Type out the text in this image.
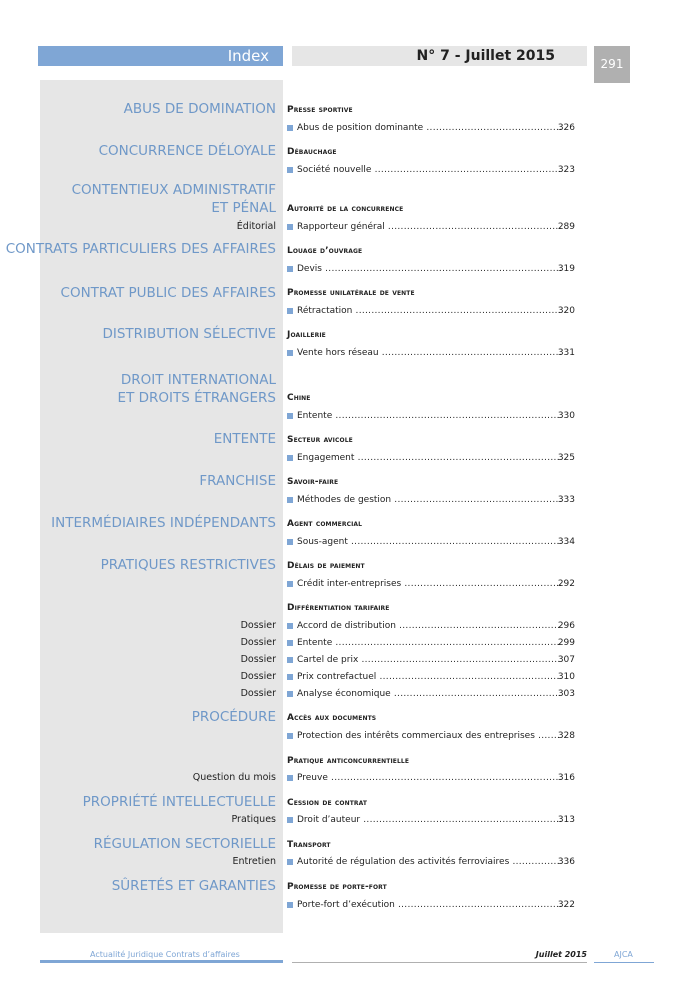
Index	N° 7 - Juillet 2015	291
ABUS DE DOMINATION
CONCURRENCE DÉLOYALE
CONTENTIEUX ADMINISTRATIF
ET PÉNAL
Éditorial
CONTRATS PARTICULIERS DES AFFAIRES
CONTRAT PUBLIC DES AFFAIRES
DISTRIBUTION SÉLECTIVE
DROIT INTERNATIONAL
ET DROITS ÉTRANGERS
ENTENTE
FRANCHISE
INTERMÉDIAIRES INDÉPENDANTS
PRATIQUES RESTRICTIVES
Dossier
Dossier
Dossier
Dossier
Dossier
PROCÉDURE
Question du mois
PROPRIÉTÉ INTELLECTUELLE
Pratiques
RÉGULATION SECTORIELLE
Entretien
SÛRETÉS ET GARANTIES
Presse sportive
Débauchage
Autorité de la concurrence
Louage d’ouvrage
Promesse unilatérale de vente
Joaillerie
Chine
Secteur avicole
Savoir-faire
Agent commercial
Délais de paiement
Différentiation tarifaire
Accès aux documents
Pratique anticoncurrentielle
Cession de contrat
Transport
Promesse de porte-fort
Abus de position dominante .....	326
Société nouvelle .....	323
Rapporteur général .....	289
Devis .....	319
Rétractation .....	320
Vente hors réseau .....	331
Entente .....	330
Engagement .....	325
Méthodes de gestion .....	333
Sous-agent .....	334
Crédit inter-entreprises .....	292
Accord de distribution .....	296
Entente .....	299
Cartel de prix .....	307
Prix contrefactuel .....	310
Analyse économique .....	303
Protection des intérêts commerciaux des entreprises .....	328
Preuve .....	316
Droit d’auteur .....	313
Autorité de régulation des activités ferroviaires .....	336
Porte-fort d’exécution .....	322
Actualité Juridique Contrats d’affaires	Juillet 2015	AJCA
